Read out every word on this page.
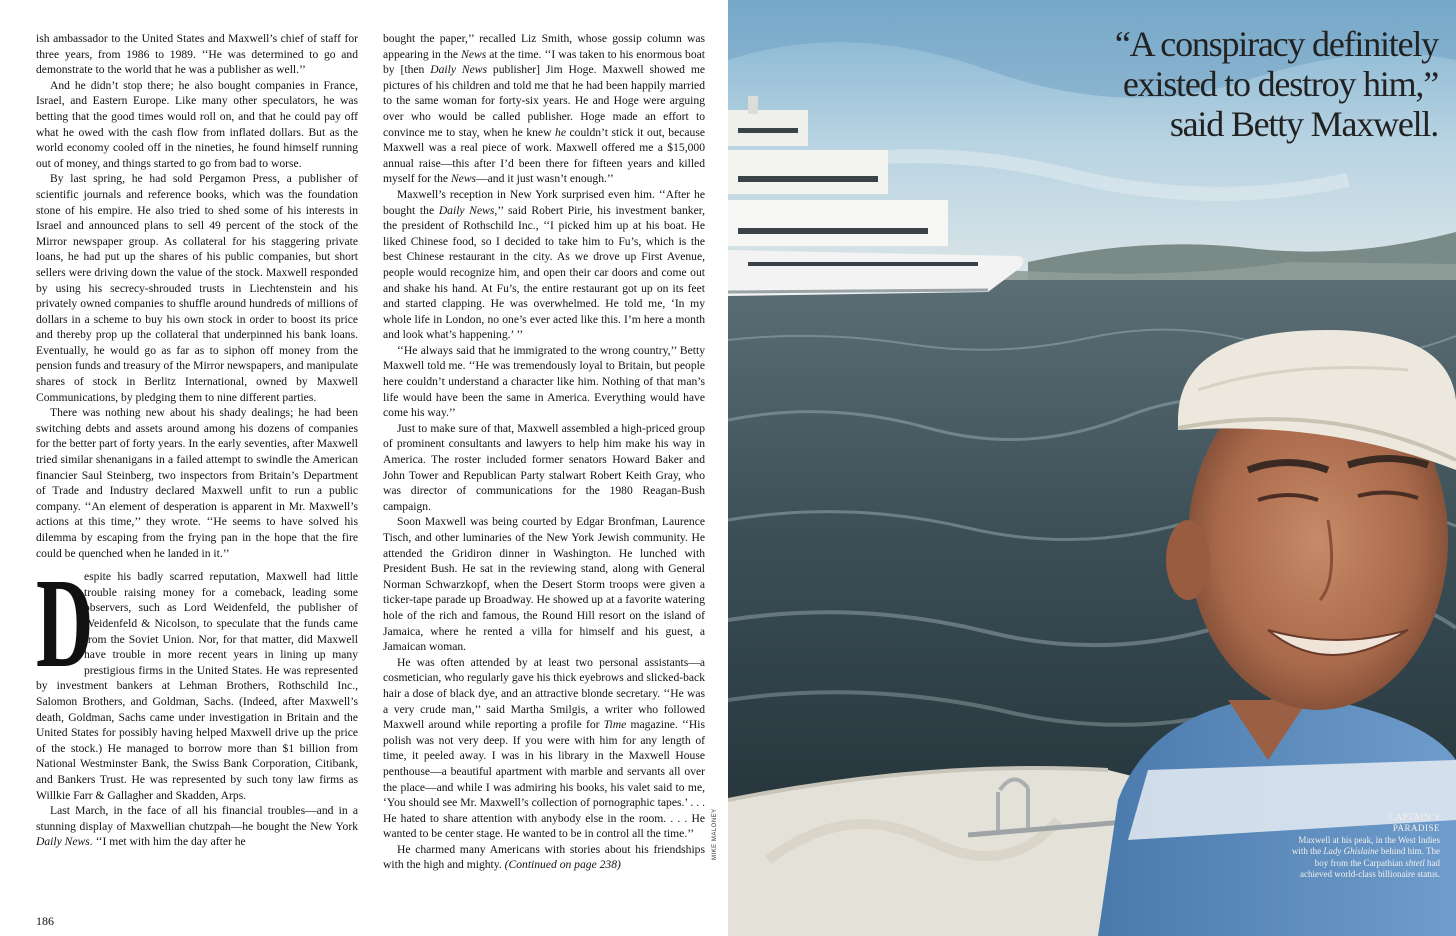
ish ambassador to the United States and Maxwell’s chief of staff for three years, from 1986 to 1989. ‘‘He was determined to go and demonstrate to the world that he was a publisher as well.’’

And he didn’t stop there; he also bought companies in France, Israel, and Eastern Europe. Like many other speculators, he was betting that the good times would roll on, and that he could pay off what he owed with the cash flow from inflated dollars. But as the world economy cooled off in the nineties, he found himself running out of money, and things started to go from bad to worse.

By last spring, he had sold Pergamon Press, a publisher of scientific journals and reference books, which was the foundation stone of his empire. He also tried to shed some of his interests in Israel and announced plans to sell 49 percent of the stock of the Mirror newspaper group. As collateral for his staggering private loans, he had put up the shares of his public companies, but short sellers were driving down the value of the stock. Maxwell responded by using his secrecy-shrouded trusts in Liechtenstein and his privately owned companies to shuffle around hundreds of millions of dollars in a scheme to buy his own stock in order to boost its price and thereby prop up the collateral that underpinned his bank loans. Eventually, he would go as far as to siphon off money from the pension funds and treasury of the Mirror newspapers, and manipulate shares of stock in Berlitz International, owned by Maxwell Communications, by pledging them to nine different parties.

There was nothing new about his shady dealings; he had been switching debts and assets around among his dozens of companies for the better part of forty years. In the early seventies, after Maxwell tried similar shenanigans in a failed attempt to swindle the American financier Saul Steinberg, two inspectors from Britain’s Department of Trade and Industry declared Maxwell unfit to run a public company. ‘‘An element of desperation is apparent in Mr. Maxwell’s actions at this time,’’ they wrote. ‘‘He seems to have solved his dilemma by escaping from the frying pan in the hope that the fire could be quenched when he landed in it.’’

D
espite his badly scarred reputation, Maxwell had little trouble raising money for a comeback, leading some observers, such as Lord Weidenfeld, the publisher of Weidenfeld & Nicolson, to speculate that the funds came from the Soviet Union. Nor, for that matter, did Maxwell have trouble in more recent years in lining up many prestigious firms in the United States. He was represented by investment bankers at Lehman Brothers, Rothschild Inc., Salomon Brothers, and Goldman, Sachs. (Indeed, after Maxwell’s death, Goldman, Sachs came under investigation in Britain and the United States for possibly having helped Maxwell drive up the price of the stock.) He managed to borrow more than $1 billion from National Westminster Bank, the Swiss Bank Corporation, Citibank, and Bankers Trust. He was represented by such tony law firms as Willkie Farr & Gallagher and Skadden, Arps.

Last March, in the face of all his financial troubles—and in a stunning display of Maxwellian chutzpah—he bought the New York Daily News. ‘‘I met with him the day after he

bought the paper,’’ recalled Liz Smith, whose gossip column was appearing in the News at the time. ‘‘I was taken to his enormous boat by [then Daily News publisher] Jim Hoge. Maxwell showed me pictures of his children and told me that he had been happily married to the same woman for forty-six years. He and Hoge were arguing over who would be called publisher. Hoge made an effort to convince me to stay, when he knew he couldn’t stick it out, because Maxwell was a real piece of work. Maxwell offered me a $15,000 annual raise—this after I’d been there for fifteen years and killed myself for the News—and it just wasn’t enough.’’

Maxwell’s reception in New York surprised even him. ‘‘After he bought the Daily News,’’ said Robert Pirie, his investment banker, the president of Rothschild Inc., ‘‘I picked him up at his boat. He liked Chinese food, so I decided to take him to Fu’s, which is the best Chinese restaurant in the city. As we drove up First Avenue, people would recognize him, and open their car doors and come out and shake his hand. At Fu’s, the entire restaurant got up on its feet and started clapping. He was overwhelmed. He told me, ‘In my whole life in London, no one’s ever acted like this. I’m here a month and look what’s happening.’ ’’

‘‘He always said that he immigrated to the wrong country,’’ Betty Maxwell told me. ‘‘He was tremendously loyal to Britain, but people here couldn’t understand a character like him. Nothing of that man’s life would have been the same in America. Everything would have come his way.’’

Just to make sure of that, Maxwell assembled a high-priced group of prominent consultants and lawyers to help him make his way in America. The roster included former senators Howard Baker and John Tower and Republican Party stalwart Robert Keith Gray, who was director of communications for the 1980 Reagan-Bush campaign.

Soon Maxwell was being courted by Edgar Bronfman, Laurence Tisch, and other luminaries of the New York Jewish community. He attended the Gridiron dinner in Washington. He lunched with President Bush. He sat in the reviewing stand, along with General Norman Schwarzkopf, when the Desert Storm troops were given a ticker-tape parade up Broadway. He showed up at a favorite watering hole of the rich and famous, the Round Hill resort on the island of Jamaica, where he rented a villa for himself and his guest, a Jamaican woman.

He was often attended by at least two personal assistants—a cosmetician, who regularly gave his thick eyebrows and slicked-back hair a dose of black dye, and an attractive blonde secretary. ‘‘He was a very crude man,’’ said Martha Smilgis, a writer who followed Maxwell around while reporting a profile for Time magazine. ‘‘His polish was not very deep. If you were with him for any length of time, it peeled away. I was in his library in the Maxwell House penthouse—a beautiful apartment with marble and servants all over the place—and while I was admiring his books, his valet said to me, ‘You should see Mr. Maxwell’s collection of pornographic tapes.’ . . . He hated to share attention with anybody else in the room. . . . He wanted to be center stage. He wanted to be in control all the time.’’

He charmed many Americans with stories about his friendships with the high and mighty. (Continued on page 238)

MIKE MALONEY
186
“A conspiracy definitely existed to destroy him,” said Betty Maxwell.
CAPTAIN’S
PARADISE
Maxwell at his peak, in the West Indies with the Lady Ghislaine behind him. The boy from the Carpathian shtetl had achieved world-class billionaire status.
